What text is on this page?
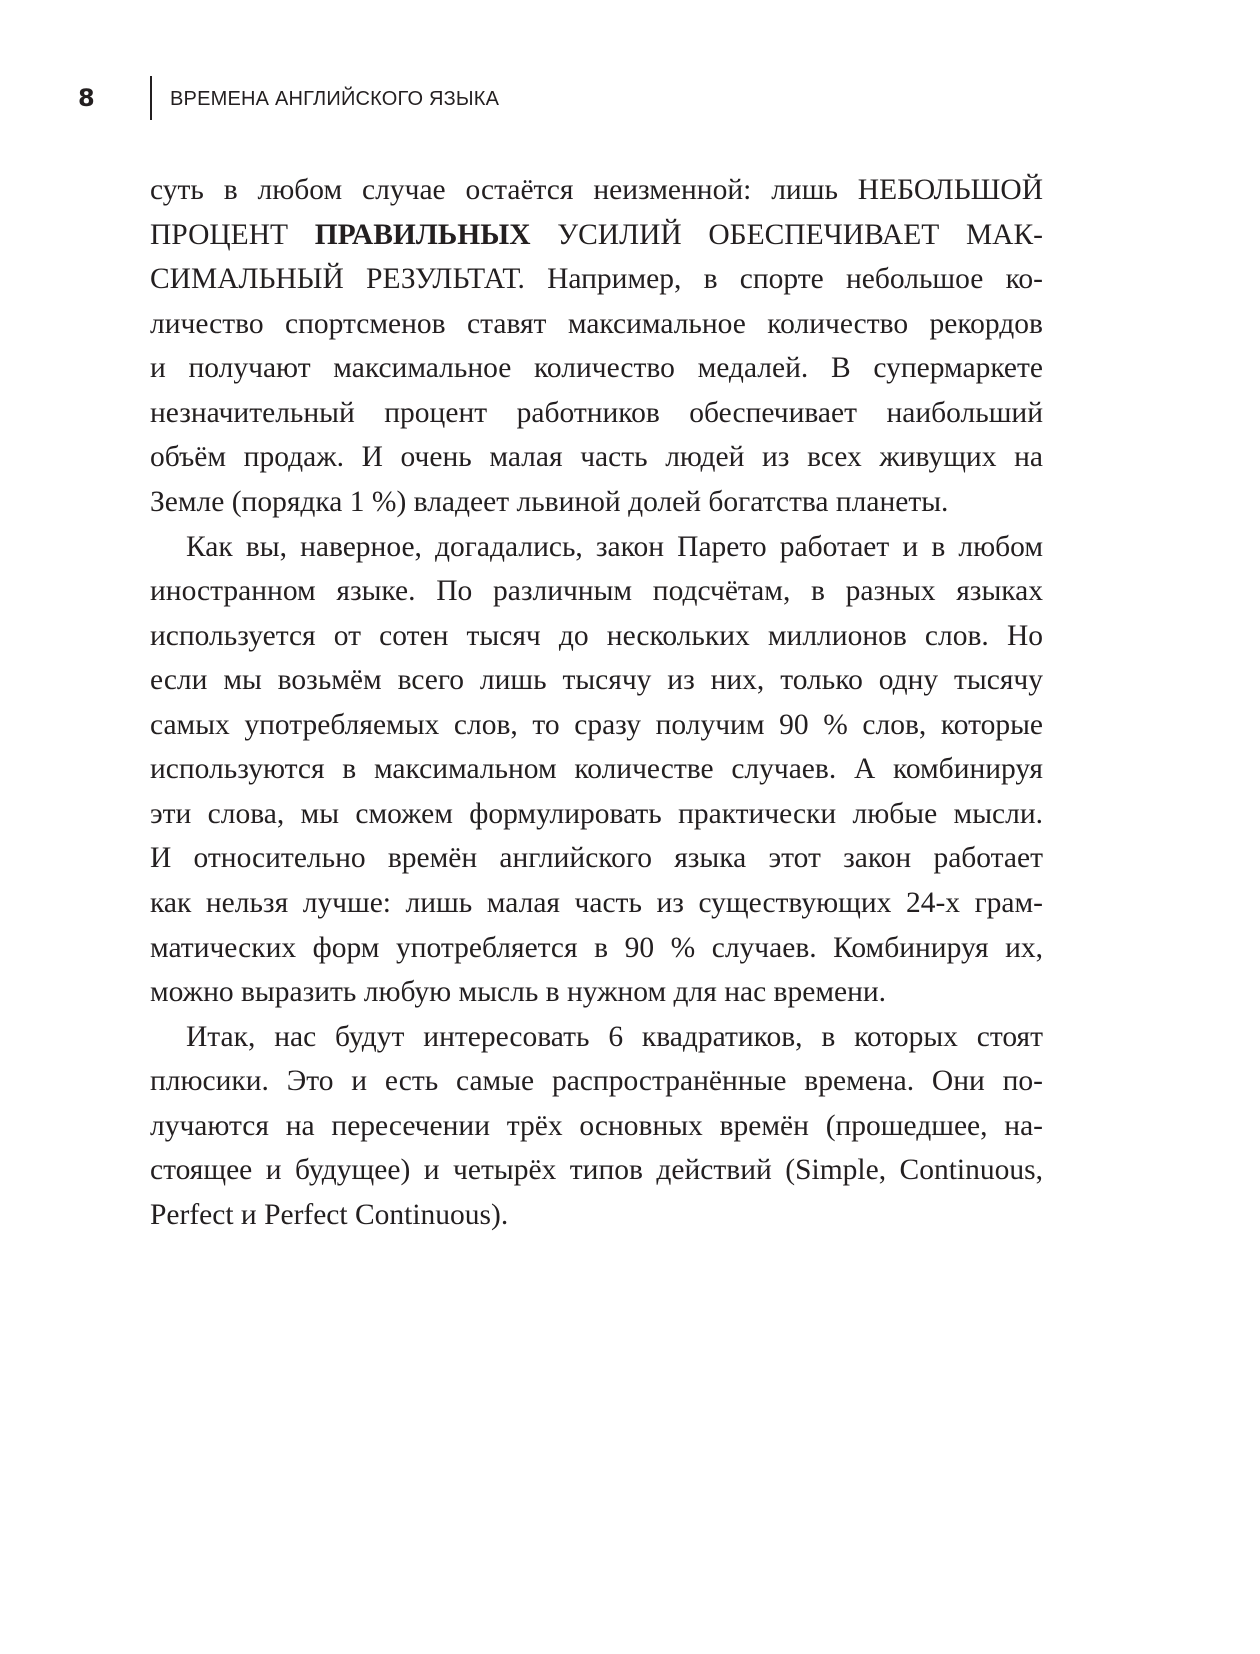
8	ВРЕМЕНА АНГЛИЙСКОГО ЯЗЫКА
суть в любом случае остаётся неизменной: лишь НЕБОЛЬШОЙ
ПРОЦЕНТ ПРАВИЛЬНЫХ УСИЛИЙ ОБЕСПЕЧИВАЕТ МАК-
СИМАЛЬНЫЙ РЕЗУЛЬТАТ. Например, в спорте небольшое ко-
личество спортсменов ставят максимальное количество рекордов
и получают максимальное количество медалей. В супермаркете
незначительный процент работников обеспечивает наибольший
объём продаж. И очень малая часть людей из всех живущих на
Земле (порядка 1 %) владеет львиной долей богатства планеты.
Как вы, наверное, догадались, закон Парето работает и в любом
иностранном языке. По различным подсчётам, в разных языках
используется от сотен тысяч до нескольких миллионов слов. Но
если мы возьмём всего лишь тысячу из них, только одну тысячу
самых употребляемых слов, то сразу получим 90 % слов, которые
используются в максимальном количестве случаев. А комбинируя
эти слова, мы сможем формулировать практически любые мысли.
И относительно времён английского языка этот закон работает
как нельзя лучше: лишь малая часть из существующих 24-х грам-
матических форм употребляется в 90 % случаев. Комбинируя их,
можно выразить любую мысль в нужном для нас времени.
Итак, нас будут интересовать 6 квадратиков, в которых стоят
плюсики. Это и есть самые распространённые времена. Они по-
лучаются на пересечении трёх основных времён (прошедшее, на-
стоящее и будущее) и четырёх типов действий (Simple, Continuous,
Perfect и Perfect Continuous).
